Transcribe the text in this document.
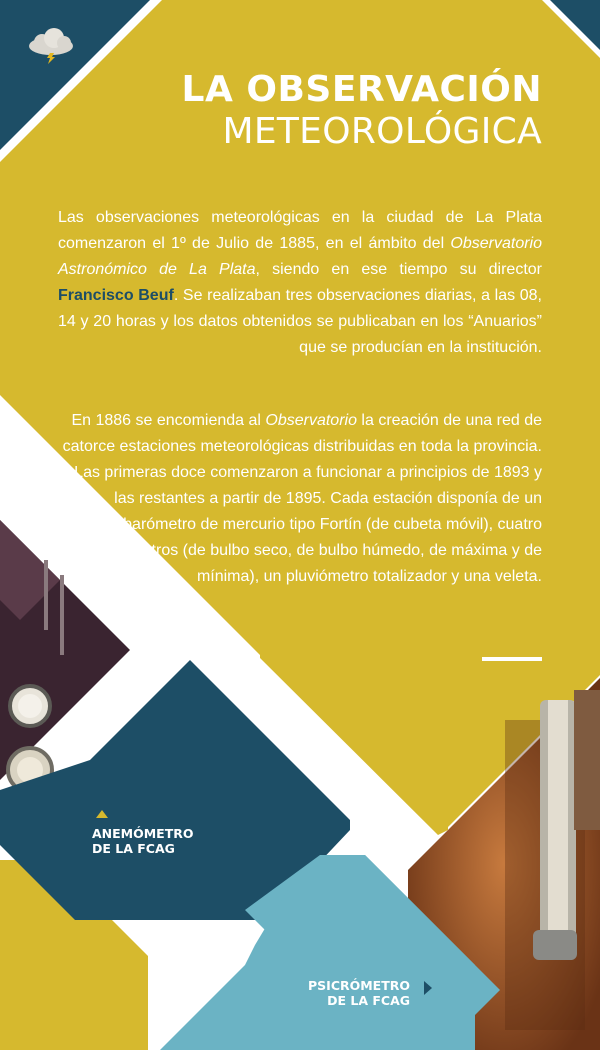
LA OBSERVACIÓN
METEOROLÓGICA
Las observaciones meteorológicas en la ciudad de La Plata comenzaron el 1º de Julio de 1885, en el ámbito del Observatorio Astronómico de La Plata, siendo en ese tiempo su director Francisco Beuf. Se realizaban tres observaciones diarias, a las 08, 14 y 20 horas y los datos obtenidos se publicaban en los “Anuarios” que se producían en la institución.
En 1886 se encomienda al Observatorio la creación de una red de catorce estaciones meteorológicas distribuidas en toda la provincia. Las primeras doce comenzaron a funcionar a principios de 1893 y las restantes a partir de 1895. Cada estación disponía de un barómetro de mercurio tipo Fortín (de cubeta móvil), cuatro termómetros (de bulbo seco, de bulbo húmedo, de máxima y de mínima), un pluviómetro totalizador y una veleta.
ANEMÓMETRO
DE LA FCAG
PSICRÓMETRO
DE LA FCAG
